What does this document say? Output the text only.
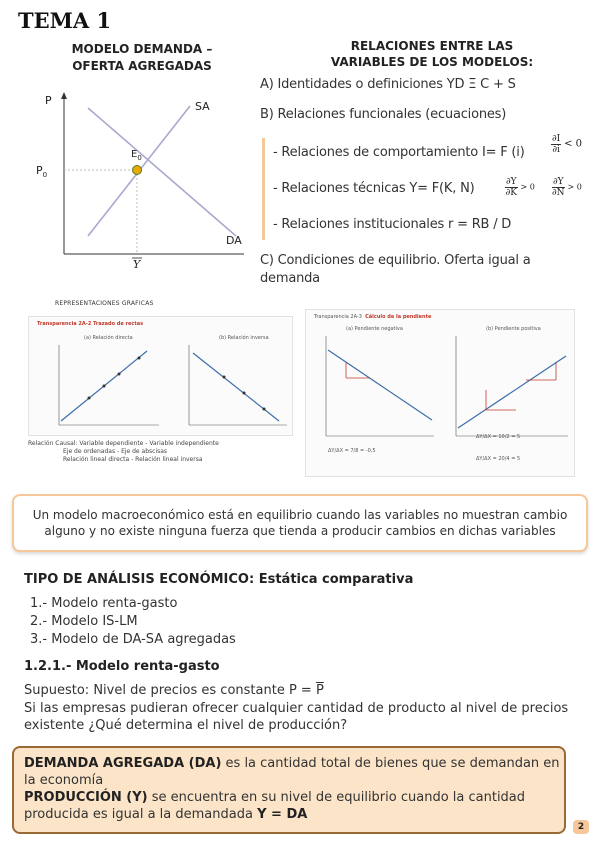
TEMA 1
MODELO DEMANDA –
OFERTA AGREGADAS
P
$P_0$
$E_0$
SA
DA
Y
RELACIONES ENTRE LAS
VARIABLES DE LOS MODELOS:
A) Identidades o definiciones YD Ξ C + S
B) Relaciones funcionales (ecuaciones)
- Relaciones de comportamiento I= F (i)
- Relaciones técnicas Y= F(K, N)
- Relaciones institucionales r = RB / D
$\frac{\partial I}{\partial i} < 0$
$\frac{\partial Y}{\partial K} > 0 \frac{\partial Y}{\partial N} > 0$
C) Condiciones de equilibrio. Oferta igual a demanda
REPRESENTACIONES GRAFICAS
Transparencia 2A-2 Trazado de rectas
(a) Relación directa	(b) Relación inversa
Relación Causal: Variable dependiente - Variable independiente
Eje de ordenadas - Eje de abscisas
Relación lineal directa - Relación lineal inversa
Transparencia 2A-3 Cálculo de la pendiente
(a) Pendiente negativa	(b) Pendiente positiva
ΔY/ΔX = 7/8 = -0,5
ΔY/ΔX = 10/2 = 5
ΔY/ΔX = 20/4 = 5
Un modelo macroeconómico está en equilibrio cuando las variables no muestran cambio alguno y no existe ninguna fuerza que tienda a producir cambios en dichas variables
TIPO DE ANÁLISIS ECONÓMICO: Estática comparativa
1.- Modelo renta-gasto
2.- Modelo IS-LM
3.- Modelo de DA-SA agregadas
1.2.1.- Modelo renta-gasto
Supuesto: Nivel de precios es constante $P = \overline{P}$
Si las empresas pudieran ofrecer cualquier cantidad de producto al nivel de precios existente ¿Qué determina el nivel de producción?
DEMANDA AGREGADA (DA) es la cantidad total de bienes que se demandan en la economía
PRODUCCIÓN (Y) se encuentra en su nivel de equilibrio cuando la cantidad producida es igual a la demandada Y = DA
2
